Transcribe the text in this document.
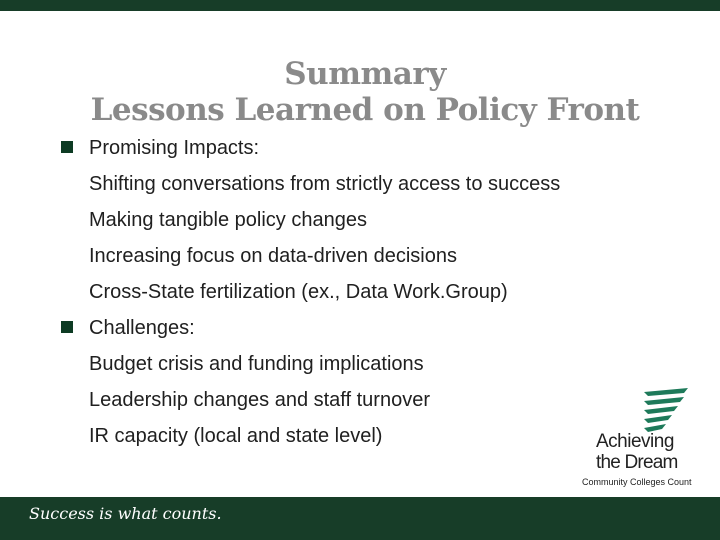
Summary
Lessons Learned on Policy Front
Promising Impacts:
Shifting conversations from strictly access to success
Making tangible policy changes
Increasing focus on data-driven decisions
Cross-State fertilization (ex., Data Work.Group)
Challenges:
Budget crisis and funding implications
Leadership changes and staff turnover
IR capacity (local and state level)	Achieving
the Dream
Community Colleges Count
Success is what counts.
